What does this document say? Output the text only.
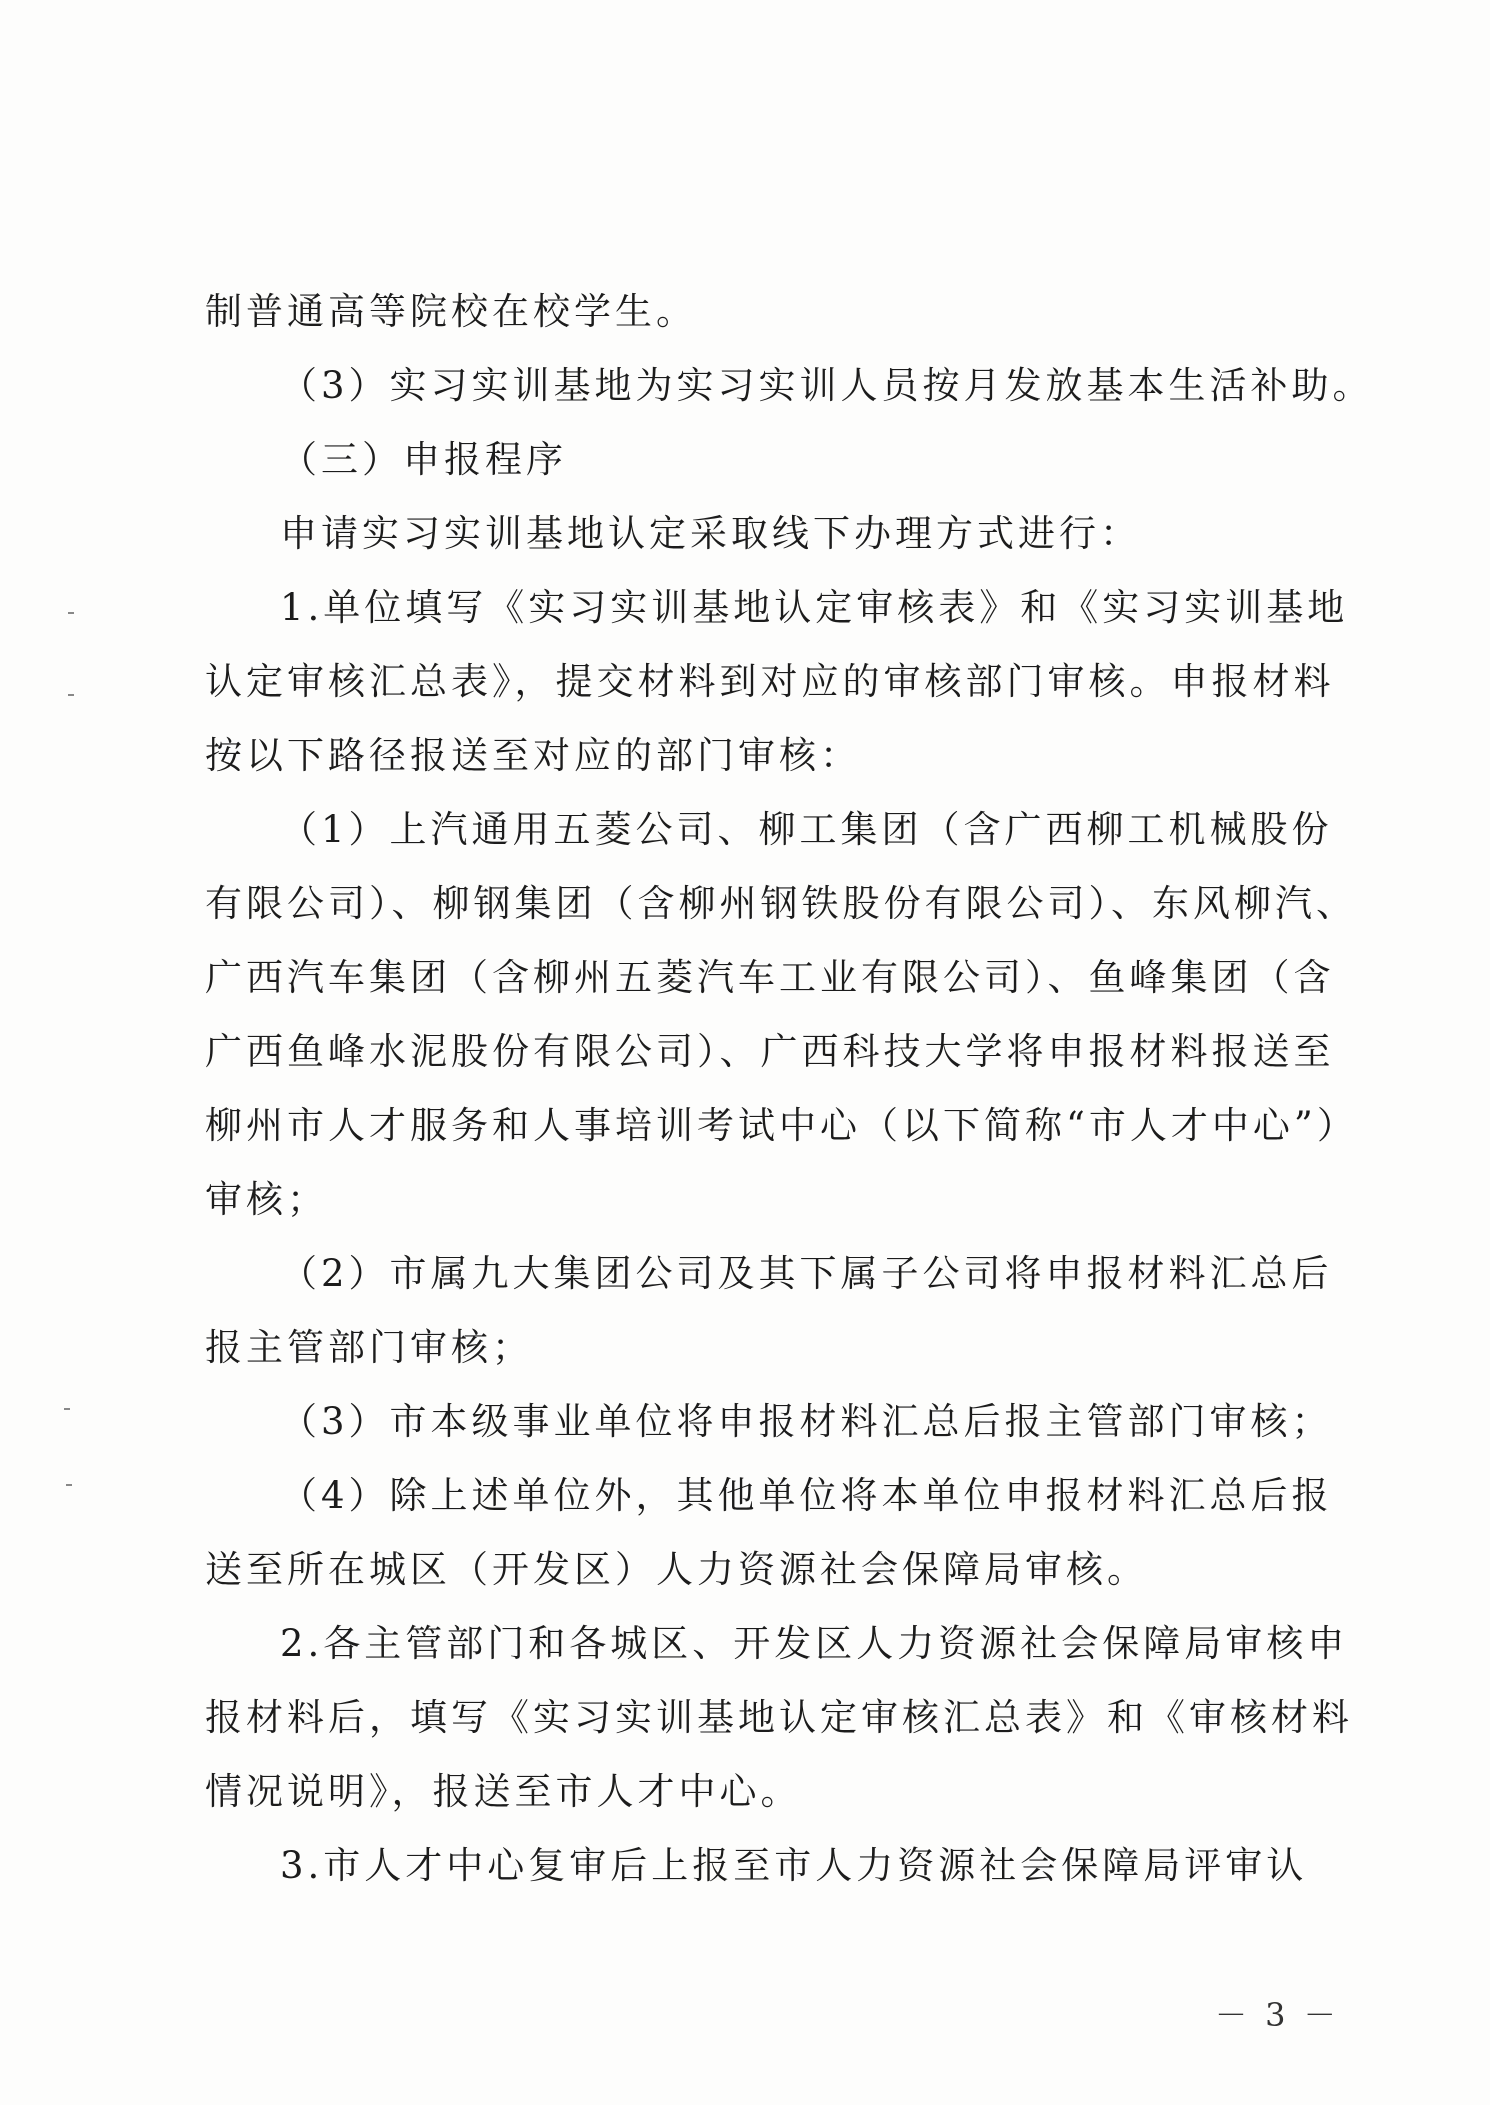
制普通高等院校在校学生。
（3）实习实训基地为实习实训人员按月发放基本生活补助。
（三）申报程序
申请实习实训基地认定采取线下办理方式进行：
1.单位填写《实习实训基地认定审核表》和《实习实训基地
认定审核汇总表》，提交材料到对应的审核部门审核。申报材料
按以下路径报送至对应的部门审核：
（1）上汽通用五菱公司、柳工集团（含广西柳工机械股份
有限公司）、柳钢集团（含柳州钢铁股份有限公司）、东风柳汽、
广西汽车集团（含柳州五菱汽车工业有限公司）、鱼峰集团（含
广西鱼峰水泥股份有限公司）、广西科技大学将申报材料报送至
柳州市人才服务和人事培训考试中心（以下简称“市人才中心”）
审核；
（2）市属九大集团公司及其下属子公司将申报材料汇总后
报主管部门审核；
（3）市本级事业单位将申报材料汇总后报主管部门审核；
（4）除上述单位外，其他单位将本单位申报材料汇总后报
送至所在城区（开发区）人力资源社会保障局审核。
2.各主管部门和各城区、开发区人力资源社会保障局审核申
报材料后，填写《实习实训基地认定审核汇总表》和《审核材料
情况说明》，报送至市人才中心。
3.市人才中心复审后上报至市人力资源社会保障局评审认
－ 3 －
